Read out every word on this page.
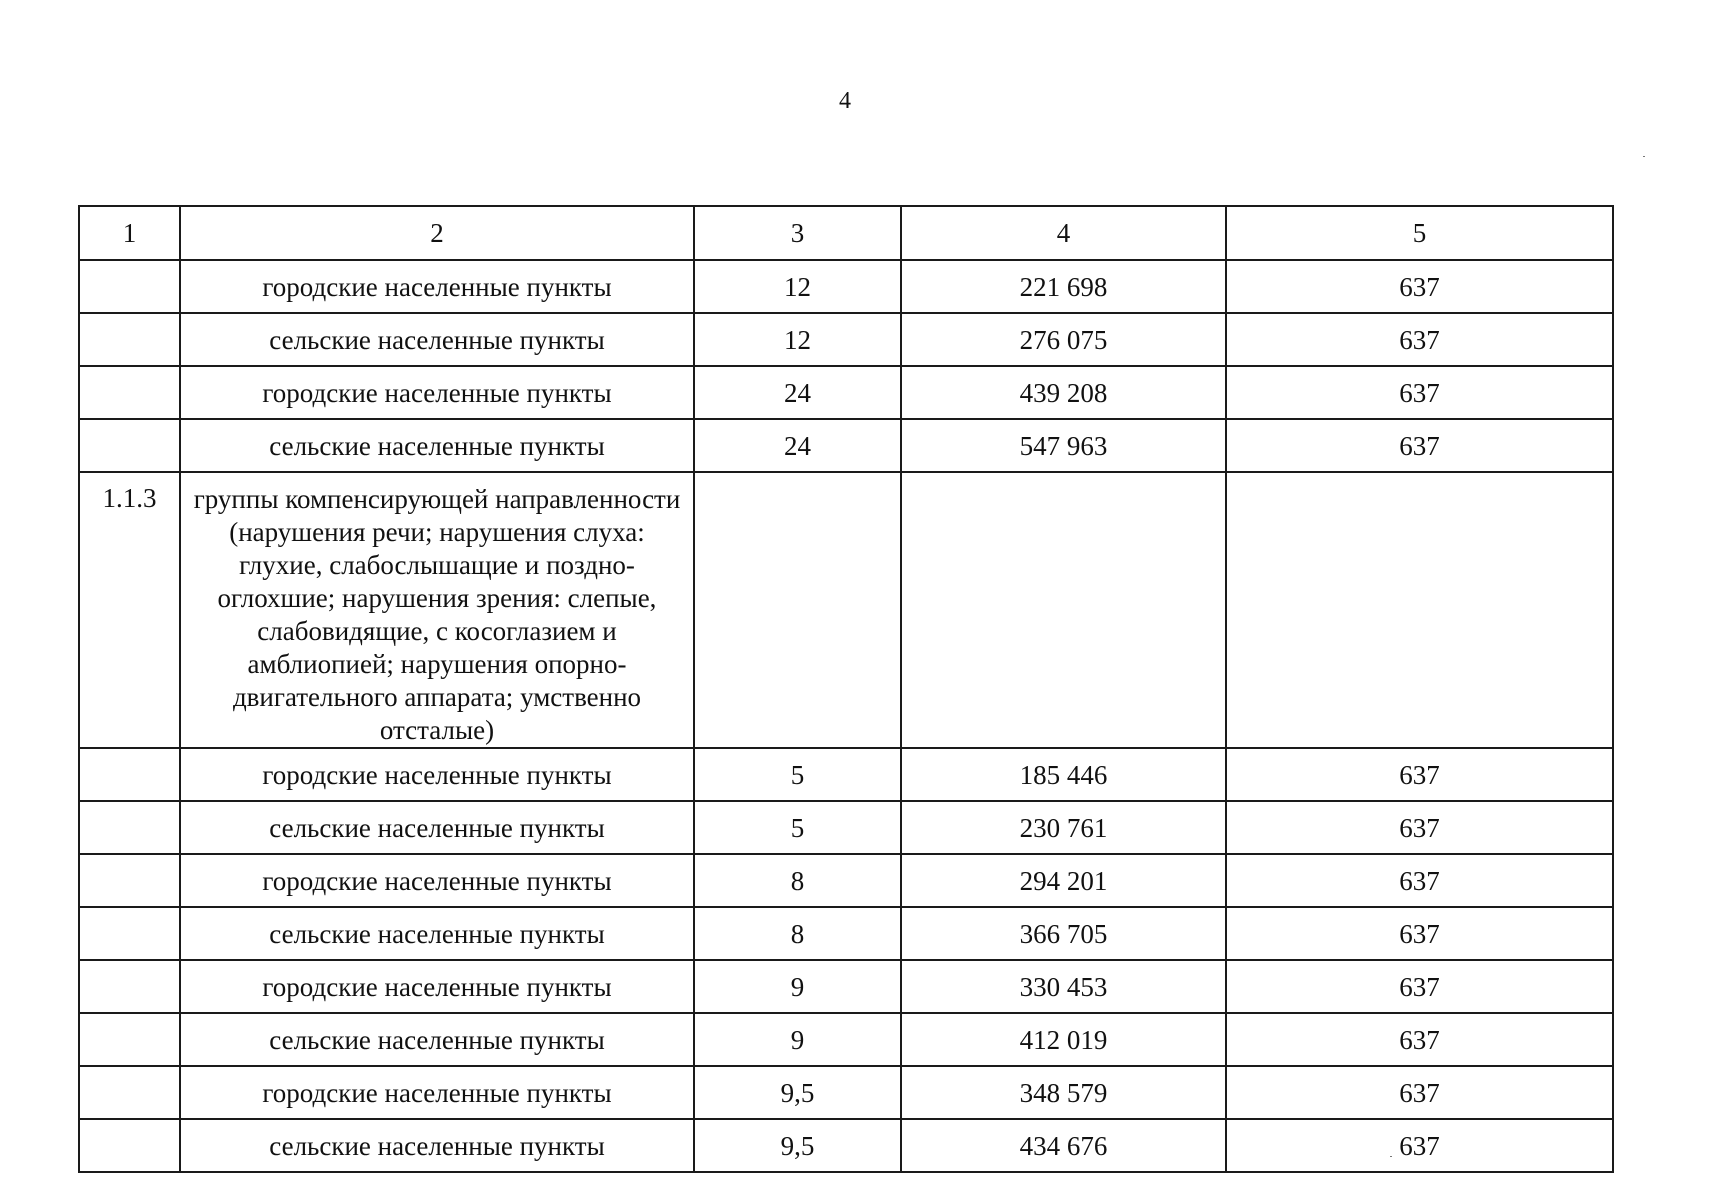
4
1	2	3	4	5
	городские населенные пункты	12	221 698	637
	сельские населенные пункты	12	276 075	637
	городские населенные пункты	24	439 208	637
	сельские населенные пункты	24	547 963	637
1.1.3	группы компенсирующей направленности (нарушения речи; нарушения слуха: глухие, слабослышащие и поздно-оглохшие; нарушения зрения: слепые, слабовидящие, с косоглазием и амблиопией; нарушения опорно-двигательного аппарата; умственно отсталые)			
	городские населенные пункты	5	185 446	637
	сельские населенные пункты	5	230 761	637
	городские населенные пункты	8	294 201	637
	сельские населенные пункты	8	366 705	637
	городские населенные пункты	9	330 453	637
	сельские населенные пункты	9	412 019	637
	городские населенные пункты	9,5	348 579	637
	сельские населенные пункты	9,5	434 676	637
